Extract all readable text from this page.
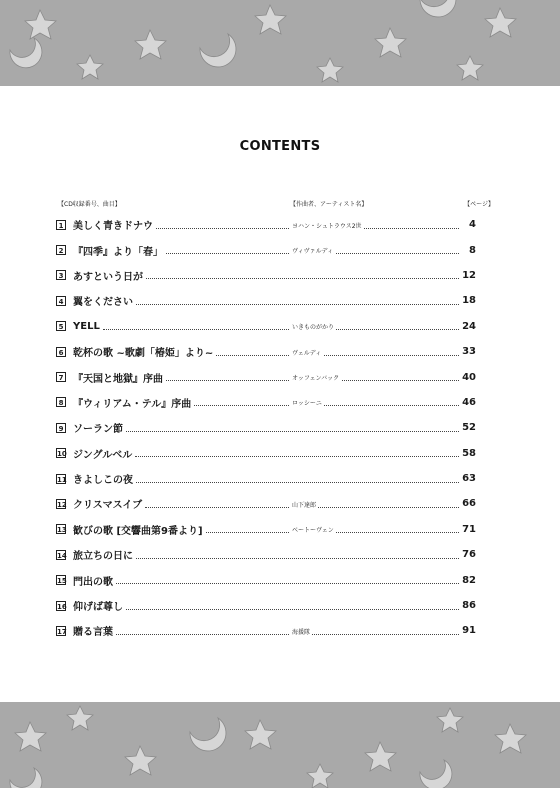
CONTENTS
【CD収録番号、曲目】	【作曲者、アーティスト名】	【ページ】
1 美しく青きドナウ	ヨハン・シュトラウス2世	4
2 『四季』より「春」	ヴィヴァルディ	8
3 あすという日が	12
4 翼をください	18
5 YELL	いきものがかり	24
6 乾杯の歌 ~歌劇「椿姫」より~	ヴェルディ	33
7 『天国と地獄』序曲	オッフェンバック	40
8 『ウィリアム・テル』序曲	ロッシーニ	46
9 ソーラン節	52
10 ジングルベル	58
11 きよしこの夜	63
12 クリスマスイブ	山下達郎	66
13 歓びの歌 [交響曲第9番より]	ベートーヴェン	71
14 旅立ちの日に	76
15 門出の歌	82
16 仰げば尊し	86
17 贈る言葉	海援隊	91
